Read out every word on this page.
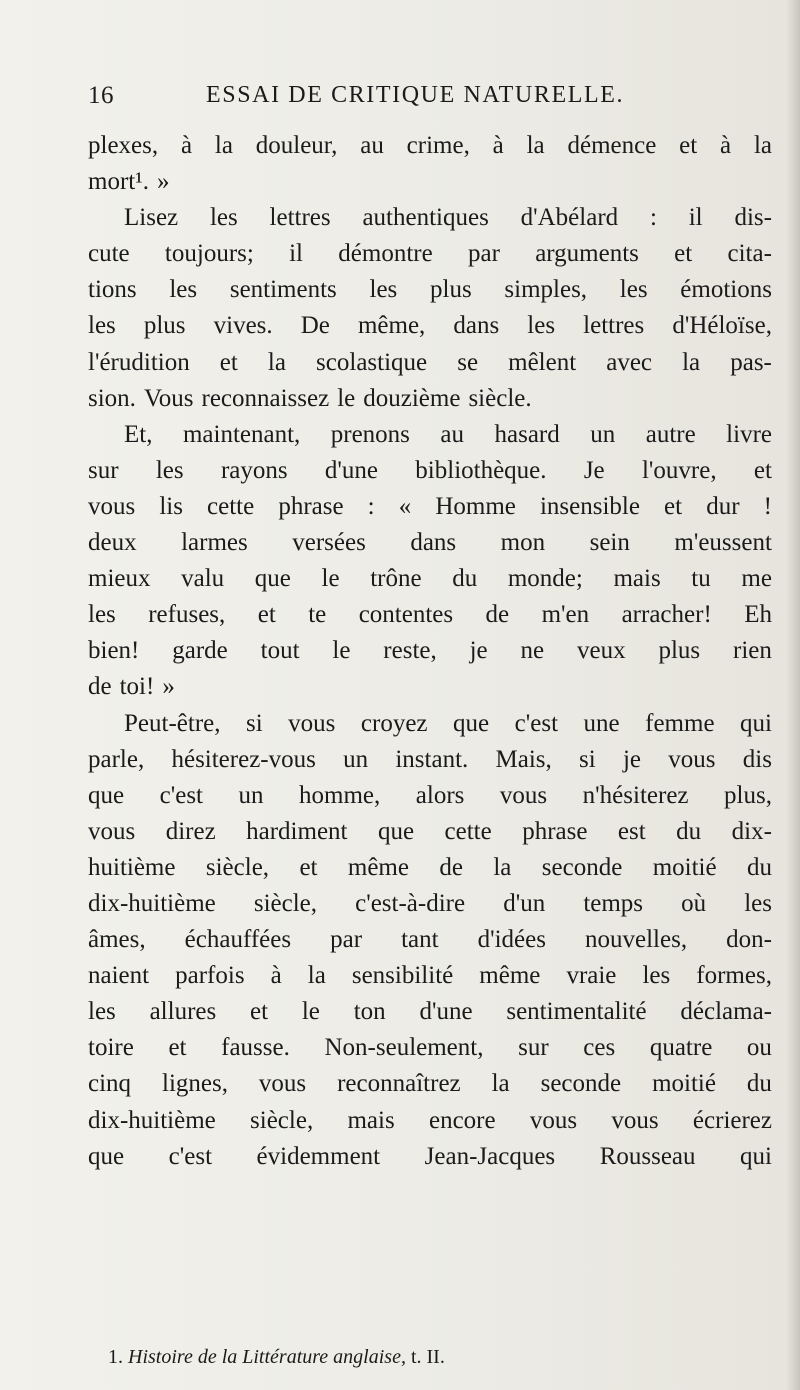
16	ESSAI DE CRITIQUE NATURELLE.
plexes, à la douleur, au crime, à la démence et à la
mort¹. »
Lisez les lettres authentiques d'Abélard : il dis-
cute toujours; il démontre par arguments et cita-
tions les sentiments les plus simples, les émotions
les plus vives. De même, dans les lettres d'Héloïse,
l'érudition et la scolastique se mêlent avec la pas-
sion. Vous reconnaissez le douzième siècle.
Et, maintenant, prenons au hasard un autre livre
sur les rayons d'une bibliothèque. Je l'ouvre, et
vous lis cette phrase : « Homme insensible et dur !
deux larmes versées dans mon sein m'eussent
mieux valu que le trône du monde; mais tu me
les refuses, et te contentes de m'en arracher! Eh
bien! garde tout le reste, je ne veux plus rien
de toi! »
Peut-être, si vous croyez que c'est une femme qui
parle, hésiterez-vous un instant. Mais, si je vous dis
que c'est un homme, alors vous n'hésiterez plus,
vous direz hardiment que cette phrase est du dix-
huitième siècle, et même de la seconde moitié du
dix-huitième siècle, c'est-à-dire d'un temps où les
âmes, échauffées par tant d'idées nouvelles, don-
naient parfois à la sensibilité même vraie les formes,
les allures et le ton d'une sentimentalité déclama-
toire et fausse. Non-seulement, sur ces quatre ou
cinq lignes, vous reconnaîtrez la seconde moitié du
dix-huitième siècle, mais encore vous vous écrierez
que c'est évidemment Jean-Jacques Rousseau qui
1. Histoire de la Littérature anglaise, t. II.
